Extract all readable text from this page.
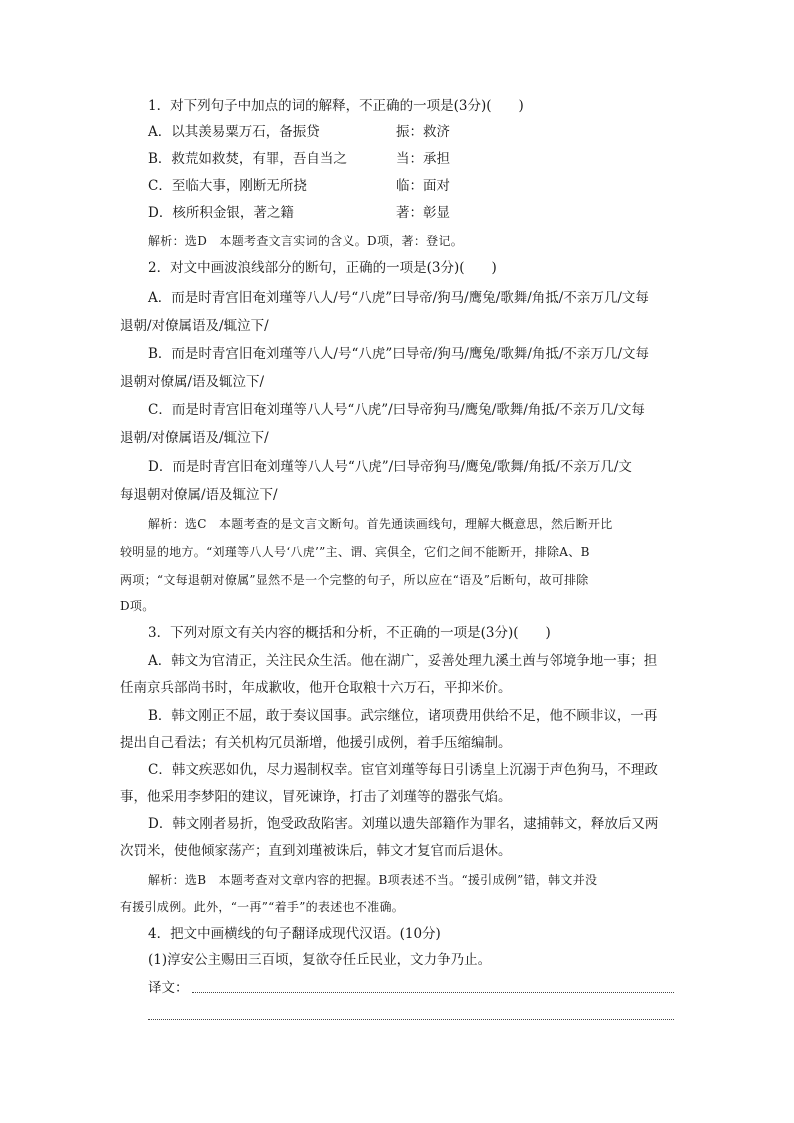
1．对下列句子中加点的词的解释，不正确的一项是(3分)(　　)
A．以其羡易粟万石，备振贷	振：救济
B．救荒如救焚，有罪，吾自当之	当：承担
C．至临大事，刚断无所挠	临：面对
D．核所积金银，著之籍	著：彰显
解析：选D　本题考查文言实词的含义。D项，著：登记。
2．对文中画波浪线部分的断句，正确的一项是(3分)(　　)
A．而是时青宫旧奄刘瑾等八人/号“八虎”曰导帝/狗马/鹰兔/歌舞/角抵/不亲万几/文每
退朝/对僚属语及/辄泣下/
B．而是时青宫旧奄刘瑾等八人/号“八虎”曰导帝/狗马/鹰兔/歌舞/角抵/不亲万几/文每
退朝对僚属/语及辄泣下/
C．而是时青宫旧奄刘瑾等八人号“八虎”/曰导帝狗马/鹰兔/歌舞/角抵/不亲万几/文每
退朝/对僚属语及/辄泣下/
D．而是时青宫旧奄刘瑾等八人号“八虎”/曰导帝狗马/鹰兔/歌舞/角抵/不亲万几/文
每退朝对僚属/语及辄泣下/
解析：选C　本题考查的是文言文断句。首先通读画线句，理解大概意思，然后断开比
较明显的地方。“刘瑾等八人号‘八虎’”主、谓、宾俱全，它们之间不能断开，排除A、B
两项；“文每退朝对僚属”显然不是一个完整的句子，所以应在“语及”后断句，故可排除
D项。
3．下列对原文有关内容的概括和分析，不正确的一项是(3分)(　　)
A．韩文为官清正，关注民众生活。他在湖广，妥善处理九溪土酋与邻境争地一事；担
任南京兵部尚书时，年成歉收，他开仓取粮十六万石，平抑米价。
B．韩文刚正不屈，敢于奏议国事。武宗继位，诸项费用供给不足，他不顾非议，一再
提出自己看法；有关机构冗员渐增，他援引成例，着手压缩编制。
C．韩文疾恶如仇，尽力遏制权幸。宦官刘瑾等每日引诱皇上沉溺于声色狗马，不理政
事，他采用李梦阳的建议，冒死谏诤，打击了刘瑾等的嚣张气焰。
D．韩文刚者易折，饱受政敌陷害。刘瑾以遗失部籍作为罪名，逮捕韩文，释放后又两
次罚米，使他倾家荡产；直到刘瑾被诛后，韩文才复官而后退休。
解析：选B　本题考查对文章内容的把握。B项表述不当。“援引成例”错，韩文并没
有援引成例。此外，“一再”“着手”的表述也不准确。
4．把文中画横线的句子翻译成现代汉语。(10分)
(1)淳安公主赐田三百顷，复欲夺任丘民业，文力争乃止。
译文：
